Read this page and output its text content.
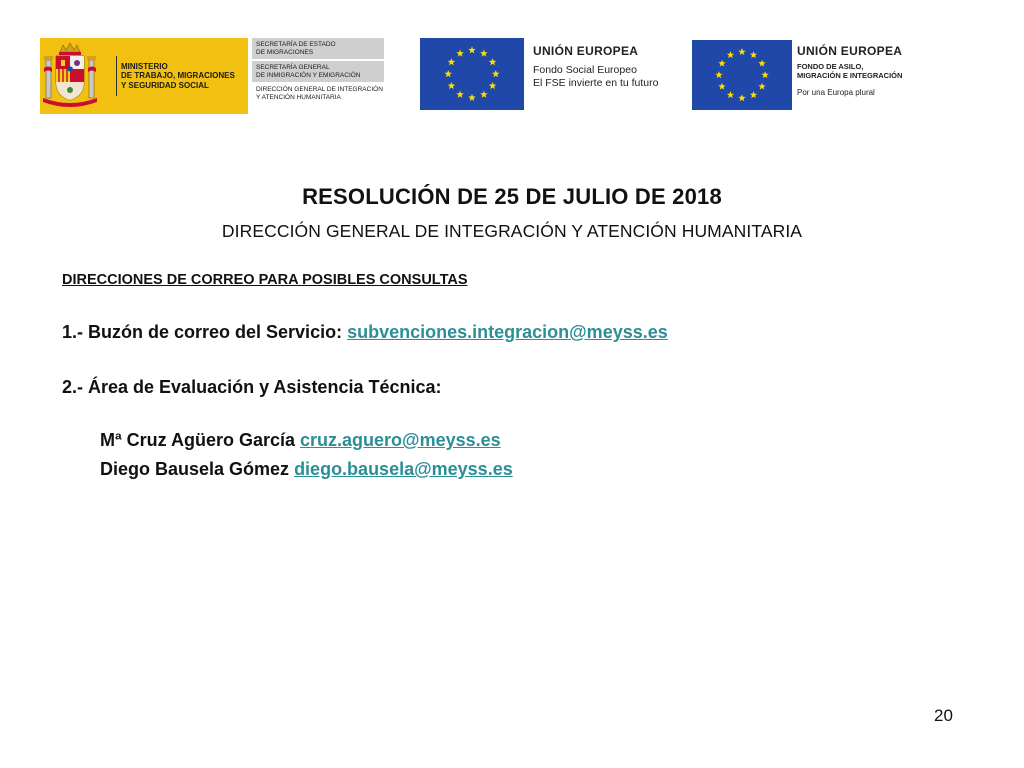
MINISTERIO
DE TRABAJO, MIGRACIONES
Y SEGURIDAD SOCIAL
SECRETARÍA DE ESTADO
DE MIGRACIONES
SECRETARÍA GENERAL
DE INMIGRACIÓN Y EMIGRACIÓN
DIRECCIÓN GENERAL DE INTEGRACIÓN
Y ATENCIÓN HUMANITARIA
UNIÓN EUROPEA
Fondo Social Europeo
El FSE invierte en tu futuro
UNIÓN EUROPEA
FONDO DE ASILO,
MIGRACIÓN E INTEGRACIÓN
Por una Europa plural
RESOLUCIÓN DE 25 DE JULIO DE 2018
DIRECCIÓN GENERAL DE INTEGRACIÓN Y ATENCIÓN HUMANITARIA
DIRECCIONES DE CORREO PARA POSIBLES CONSULTAS
1.- Buzón de correo del Servicio: subvenciones.integracion@meyss.es
2.- Área de Evaluación y Asistencia Técnica:
Mª Cruz Agüero García cruz.aguero@meyss.es
Diego Bausela Gómez diego.bausela@meyss.es
20
